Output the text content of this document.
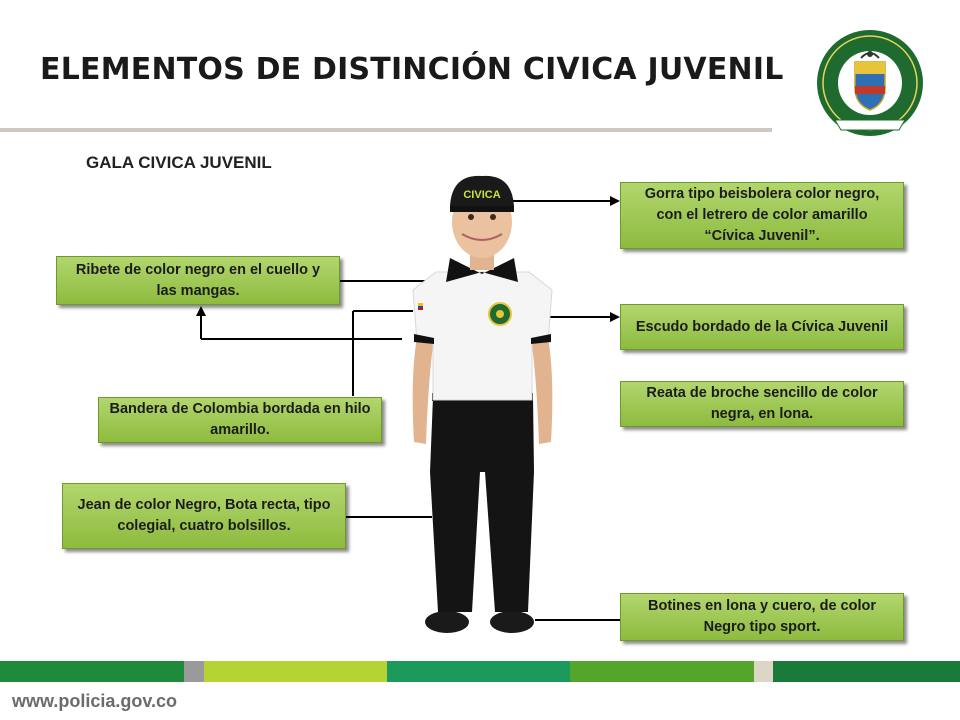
ELEMENTOS DE DISTINCIÓN CIVICA JUVENIL
GALA CIVICA JUVENIL
CIVICA	Gorra tipo beisbolera color negro, con el letrero de color amarillo “Cívica Juvenil”.
Ribete de color negro en el cuello y las mangas.
Escudo bordado de la Cívica Juvenil
Reata de broche sencillo de color negra, en lona.
Bandera de Colombia bordada en hilo amarillo.
Jean de color Negro, Bota recta, tipo colegial, cuatro bolsillos.
Botines en lona y cuero, de color Negro tipo sport.
www.policia.gov.co
